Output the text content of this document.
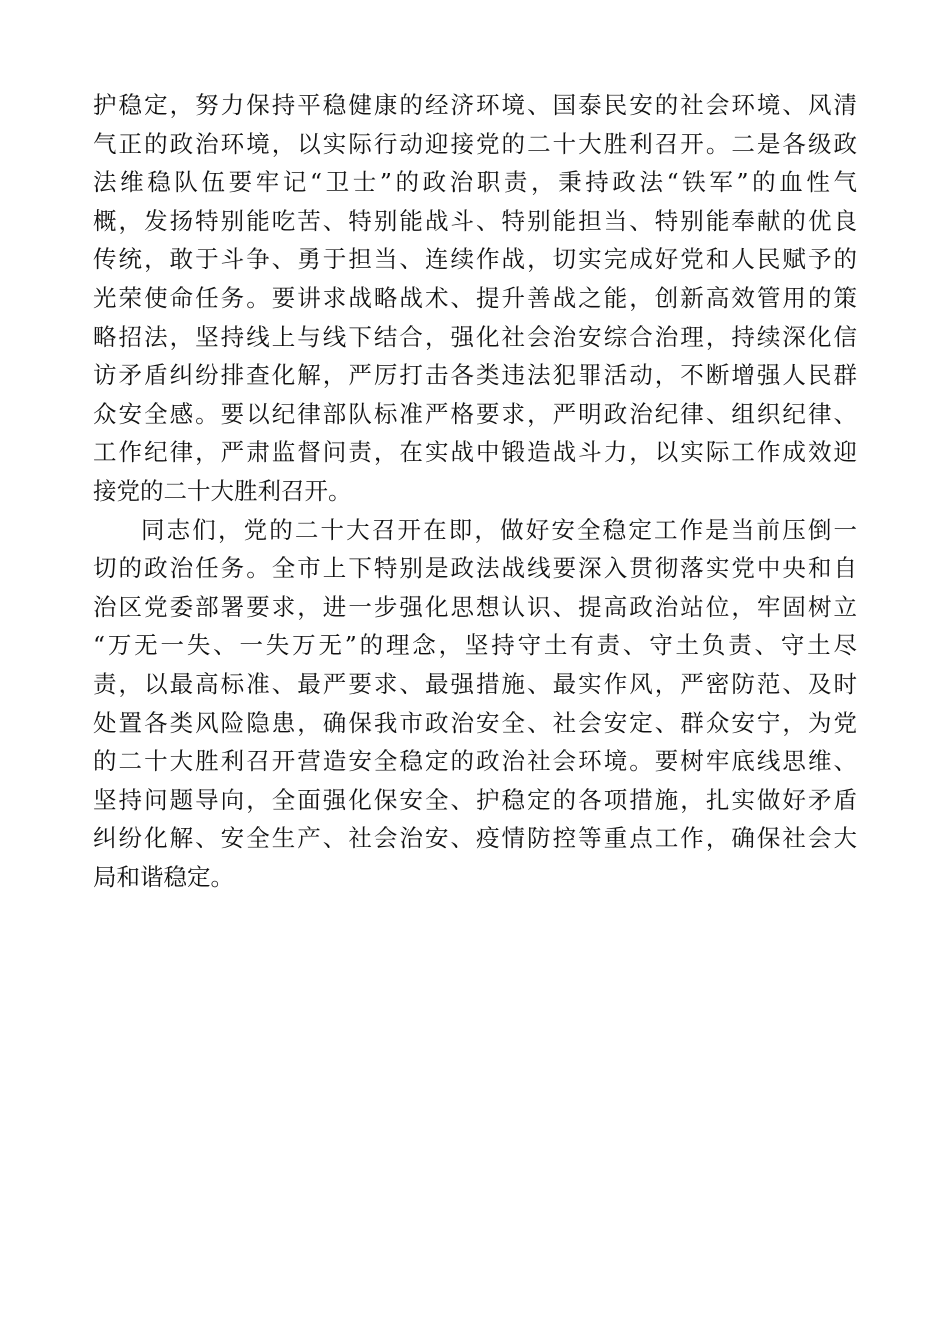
护稳定，努力保持平稳健康的经济环境、国泰民安的社会环境、风清
气正的政治环境，以实际行动迎接党的二十大胜利召开。二是各级政
法维稳队伍要牢记“卫士”的政治职责，秉持政法“铁军”的血性气
概，发扬特别能吃苦、特别能战斗、特别能担当、特别能奉献的优良
传统，敢于斗争、勇于担当、连续作战，切实完成好党和人民赋予的
光荣使命任务。要讲求战略战术、提升善战之能，创新高效管用的策
略招法，坚持线上与线下结合，强化社会治安综合治理，持续深化信
访矛盾纠纷排查化解，严厉打击各类违法犯罪活动，不断增强人民群
众安全感。要以纪律部队标准严格要求，严明政治纪律、组织纪律、
工作纪律，严肃监督问责，在实战中锻造战斗力，以实际工作成效迎
接党的二十大胜利召开。
同志们，党的二十大召开在即，做好安全稳定工作是当前压倒一
切的政治任务。全市上下特别是政法战线要深入贯彻落实党中央和自
治区党委部署要求，进一步强化思想认识、提高政治站位，牢固树立
“万无一失、一失万无”的理念，坚持守土有责、守土负责、守土尽
责，以最高标准、最严要求、最强措施、最实作风，严密防范、及时
处置各类风险隐患，确保我市政治安全、社会安定、群众安宁，为党
的二十大胜利召开营造安全稳定的政治社会环境。要树牢底线思维、
坚持问题导向，全面强化保安全、护稳定的各项措施，扎实做好矛盾
纠纷化解、安全生产、社会治安、疫情防控等重点工作，确保社会大
局和谐稳定。
